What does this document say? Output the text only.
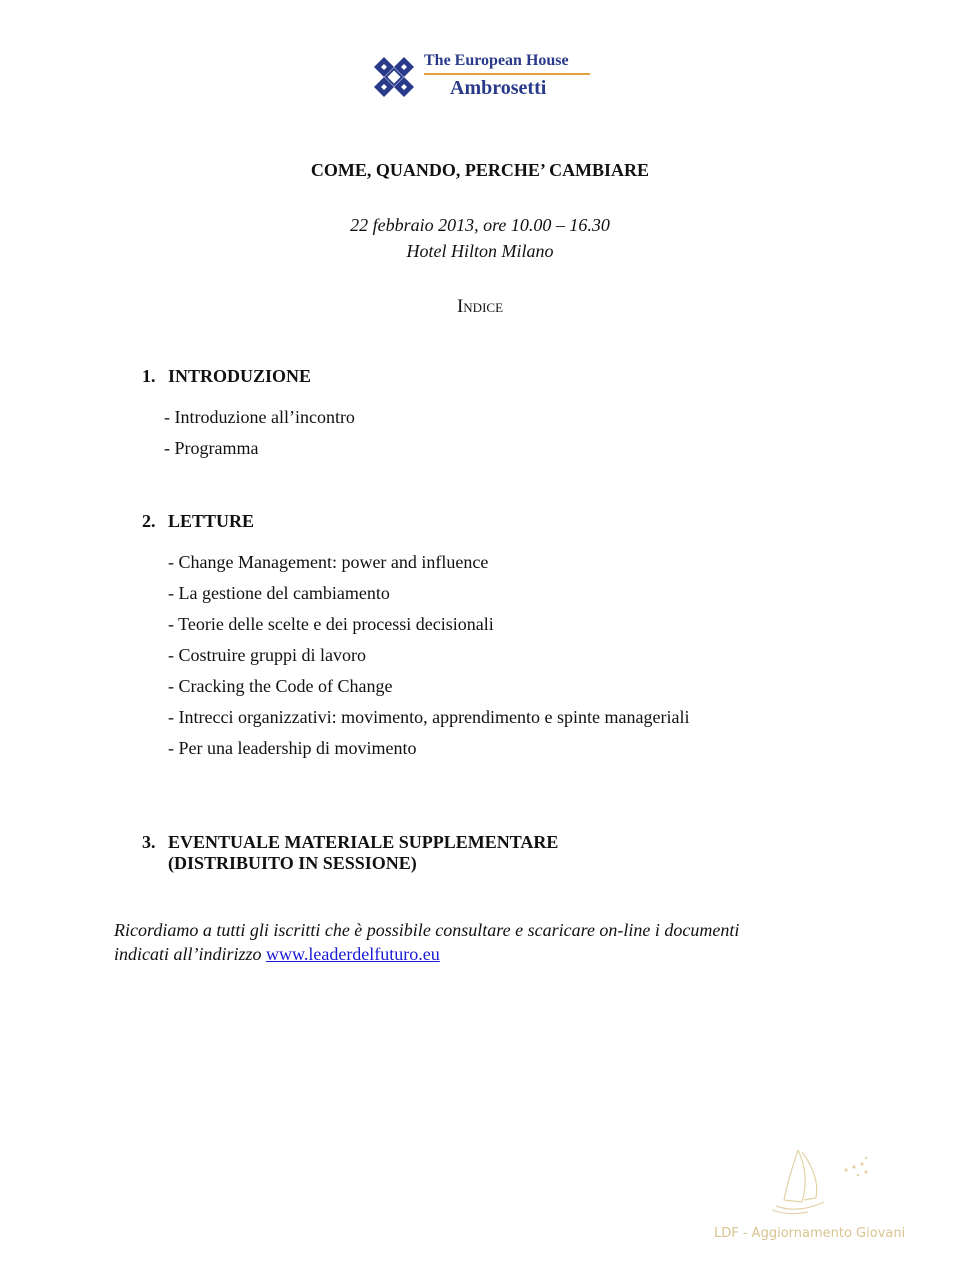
The European House
Ambrosetti
COME, QUANDO, PERCHE’ CAMBIARE
22 febbraio 2013, ore 10.00 – 16.30
Hotel Hilton Milano
Indice
1. INTRODUZIONE
- Introduzione all’incontro
- Programma
2. LETTURE
- Change Management: power and influence
- La gestione del cambiamento
- Teorie delle scelte e dei processi decisionali
- Costruire gruppi di lavoro
- Cracking the Code of Change
- Intrecci organizzativi: movimento, apprendimento e spinte manageriali
- Per una leadership di movimento
3. EVENTUALE MATERIALE SUPPLEMENTARE
(DISTRIBUITO IN SESSIONE)
Ricordiamo a tutti gli iscritti che è possibile consultare e scaricare on-line i documenti
indicati all’indirizzo www.leaderdelfuturo.eu
LDF - Aggiornamento Giovani
